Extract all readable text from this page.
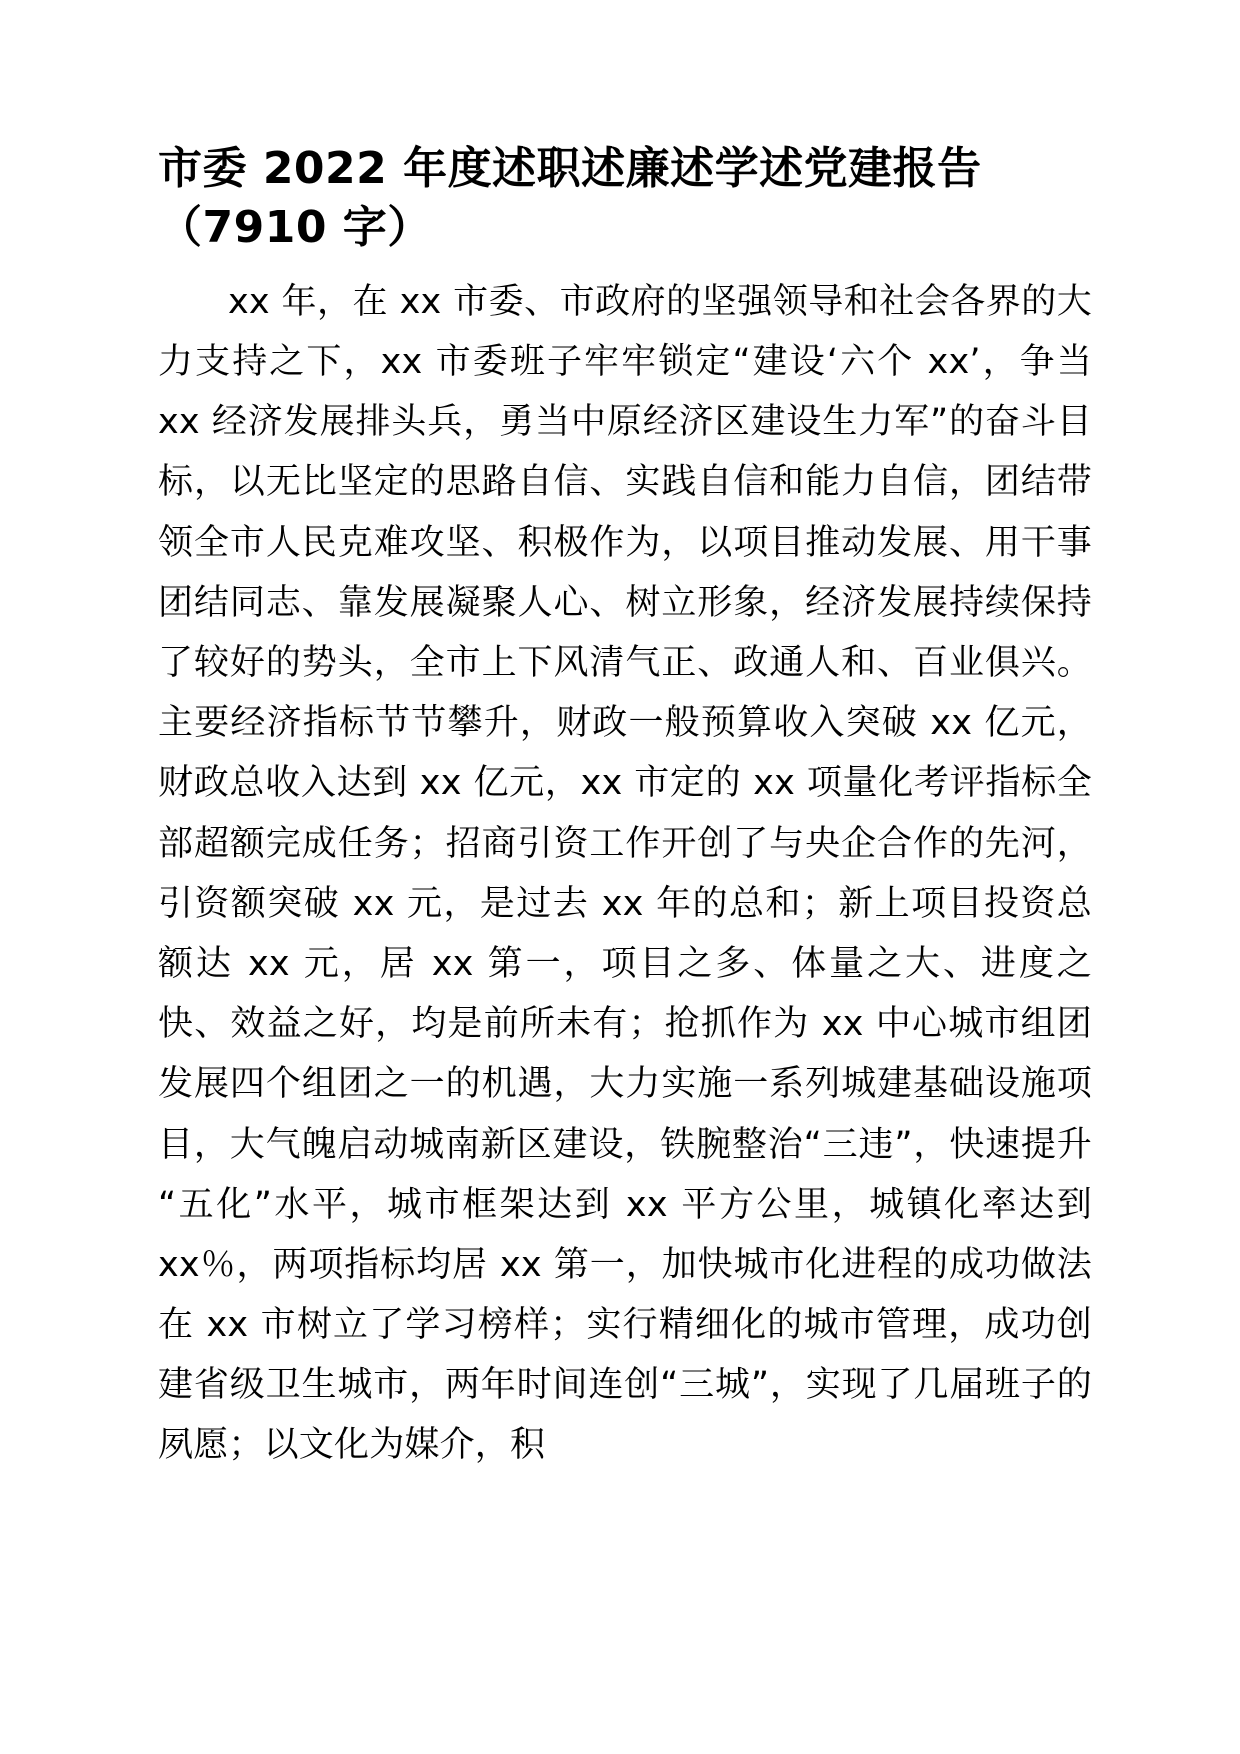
市委 2022 年度述职述廉述学述党建报告（7910 字）

xx 年，在 xx 市委、市政府的坚强领导和社会各界的大力支持之下，xx 市委班子牢牢锁定“建设‘六个 xx’，争当 xx 经济发展排头兵，勇当中原经济区建设生力军”的奋斗目标，以无比坚定的思路自信、实践自信和能力自信，团结带领全市人民克难攻坚、积极作为，以项目推动发展、用干事团结同志、靠发展凝聚人心、树立形象，经济发展持续保持了较好的势头，全市上下风清气正、政通人和、百业俱兴。主要经济指标节节攀升，财政一般预算收入突破 xx 亿元，财政总收入达到 xx 亿元，xx 市定的 xx 项量化考评指标全部超额完成任务；招商引资工作开创了与央企合作的先河，引资额突破 xx 元，是过去 xx 年的总和；新上项目投资总额达 xx 元，居 xx 第一，项目之多、体量之大、进度之快、效益之好，均是前所未有；抢抓作为 xx 中心城市组团发展四个组团之一的机遇，大力实施一系列城建基础设施项目，大气魄启动城南新区建设，铁腕整治“三违”，快速提升“五化”水平，城市框架达到 xx 平方公里，城镇化率达到 xx％，两项指标均居 xx 第一，加快城市化进程的成功做法在 xx 市树立了学习榜样；实行精细化的城市管理，成功创建省级卫生城市，两年时间连创“三城”，实现了几届班子的夙愿；以文化为媒介，积
